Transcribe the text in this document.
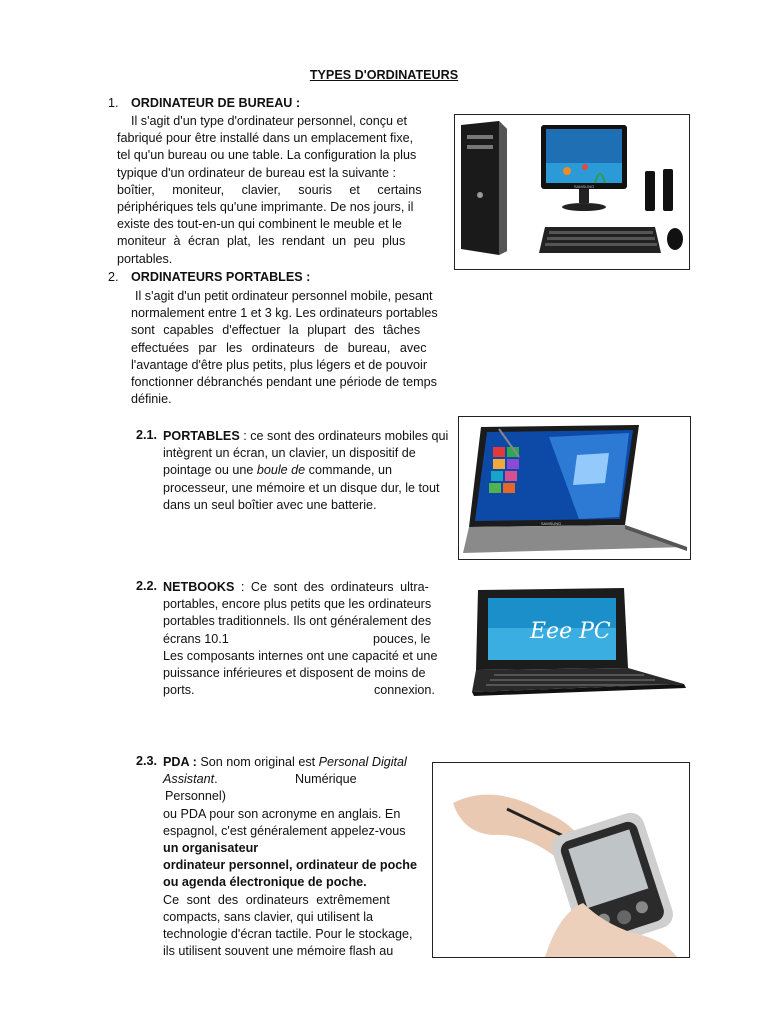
TYPES D'ORDINATEURS
1. ORDINATEUR DE BUREAU :

Il s'agit d'un type d'ordinateur personnel, conçu et

fabriqué pour être installé dans un emplacement fixe,

tel qu'un bureau ou une table. La configuration la plus

typique d'un ordinateur de bureau est la suivante :

boîtier, moniteur, clavier, souris et certains

périphériques tels qu'une imprimante. De nos jours, il

existe des tout-en-un qui combinent le meuble et le

moniteur à écran plat, les rendant un peu plus

portables.

SAMSUNG
2. ORDINATEURS PORTABLES :

Il s'agit d'un petit ordinateur personnel mobile, pesant

normalement entre 1 et 3 kg. Les ordinateurs portables

sont capables d'effectuer la plupart des tâches

effectuées par les ordinateurs de bureau, avec

l'avantage d'être plus petits, plus légers et de pouvoir

fonctionner débranchés pendant une période de temps

définie.

2.1. PORTABLES : ce sont des ordinateurs mobiles qui

intègrent un écran, un clavier, un dispositif de

pointage ou une boule de commande, un

processeur, une mémoire et un disque dur, le tout

dans un seul boîtier avec une batterie.

SAMSUNG
2.2. NETBOOKS : Ce sont des ordinateurs ultra-

portables, encore plus petits que les ordinateurs

portables traditionnels. Ils ont généralement des

écrans 10.1	pouces, le

Les composants internes ont une capacité et une

puissance inférieures et disposent de moins de

ports.	connexion.

Eee PC
2.3. PDA : Son nom original est Personal Digital

Assistant.	Numérique

Personnel)

ou PDA pour son acronyme en anglais. En

espagnol, c'est généralement appelez-vous

un organisateur

ordinateur personnel, ordinateur de poche

ou agenda électronique de poche.

Ce sont des ordinateurs extrêmement

compacts, sans clavier, qui utilisent la

technologie d'écran tactile. Pour le stockage,

ils utilisent souvent une mémoire flash au
